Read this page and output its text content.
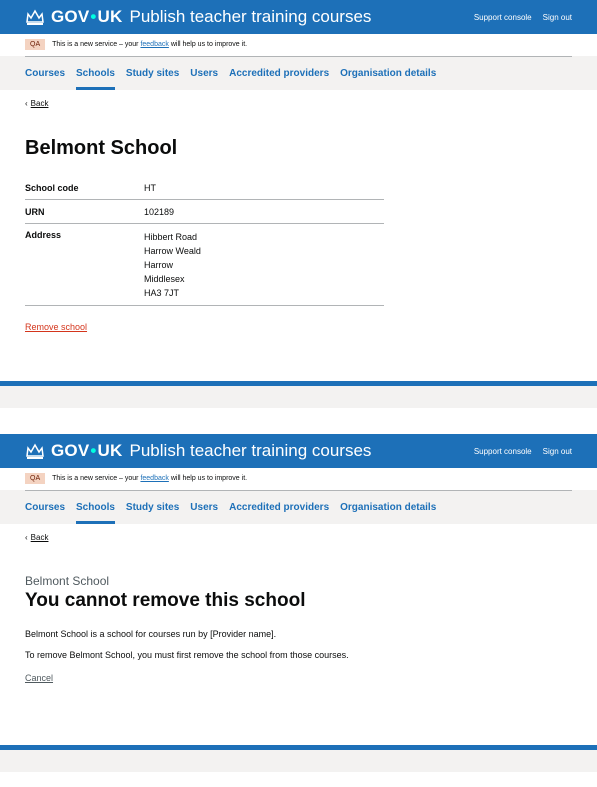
GOV • UK Publish teacher training courses	Support console Sign out
QA	This is a new service – your
feedback
will help us to improve it.
Courses Schools Study sites Users Accredited providers Organisation details
‹ Back
Belmont School
School code	HT
URN	102189
Address	Hibbert Road
Harrow Weald
Harrow
Middlesex
HA3 7JT
Remove school
GOV • UK Publish teacher training courses	Support console Sign out
QA	This is a new service – your
feedback
will help us to improve it.
Courses Schools Study sites Users Accredited providers Organisation details
‹ Back
Belmont School
You cannot remove this school

Belmont School is a school for courses run by [Provider name].

To remove Belmont School, you must first remove the school from those courses.

Cancel
